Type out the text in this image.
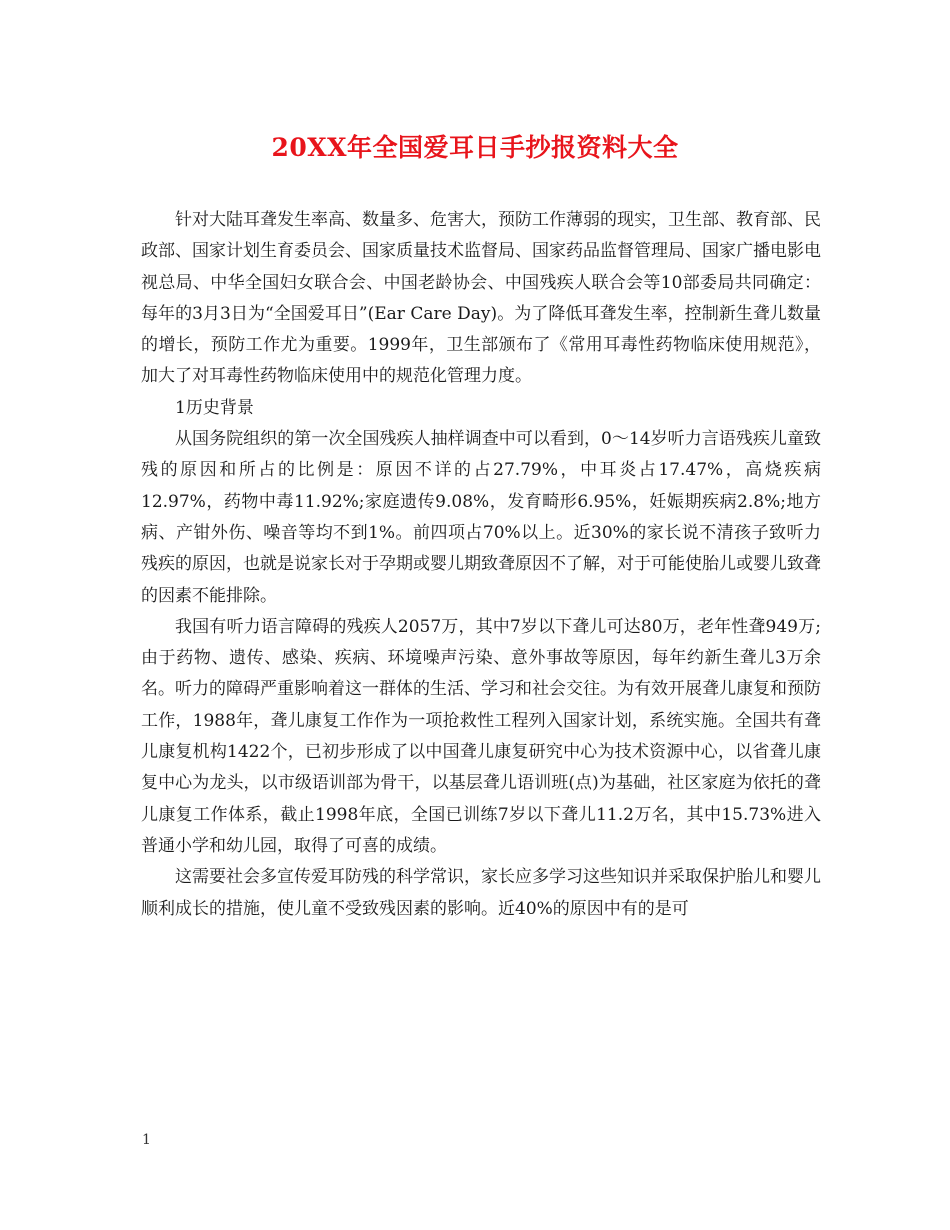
20XX年全国爱耳日手抄报资料大全

针对大陆耳聋发生率高、数量多、危害大，预防工作薄弱的现实，卫生部、教育部、民政部、国家计划生育委员会、国家质量技术监督局、国家药品监督管理局、国家广播电影电视总局、中华全国妇女联合会、中国老龄协会、中国残疾人联合会等10部委局共同确定：每年的3月3日为“全国爱耳日”(Ear Care Day)。为了降低耳聋发生率，控制新生聋儿数量的增长，预防工作尤为重要。1999年，卫生部颁布了《常用耳毒性药物临床使用规范》，加大了对耳毒性药物临床使用中的规范化管理力度。

1历史背景

从国务院组织的第一次全国残疾人抽样调查中可以看到，0～14岁听力言语残疾儿童致残的原因和所占的比例是：原因不详的占27.79%，中耳炎占17.47%，高烧疾病12.97%，药物中毒11.92%;家庭遗传9.08%，发育畸形6.95%，妊娠期疾病2.8%;地方病、产钳外伤、噪音等均不到1%。前四项占70%以上。近30%的家长说不清孩子致听力残疾的原因，也就是说家长对于孕期或婴儿期致聋原因不了解，对于可能使胎儿或婴儿致聋的因素不能排除。

我国有听力语言障碍的残疾人2057万，其中7岁以下聋儿可达80万，老年性聋949万;由于药物、遗传、感染、疾病、环境噪声污染、意外事故等原因，每年约新生聋儿3万余名。听力的障碍严重影响着这一群体的生活、学习和社会交往。为有效开展聋儿康复和预防工作，1988年，聋儿康复工作作为一项抢救性工程列入国家计划，系统实施。全国共有聋儿康复机构1422个，已初步形成了以中国聋儿康复研究中心为技术资源中心，以省聋儿康复中心为龙头，以市级语训部为骨干，以基层聋儿语训班(点)为基础，社区家庭为依托的聋儿康复工作体系，截止1998年底，全国已训练7岁以下聋儿11.2万名，其中15.73%进入普通小学和幼儿园，取得了可喜的成绩。

这需要社会多宣传爱耳防残的科学常识，家长应多学习这些知识并采取保护胎儿和婴儿顺利成长的措施，使儿童不受致残因素的影响。近40%的原因中有的是可

1
